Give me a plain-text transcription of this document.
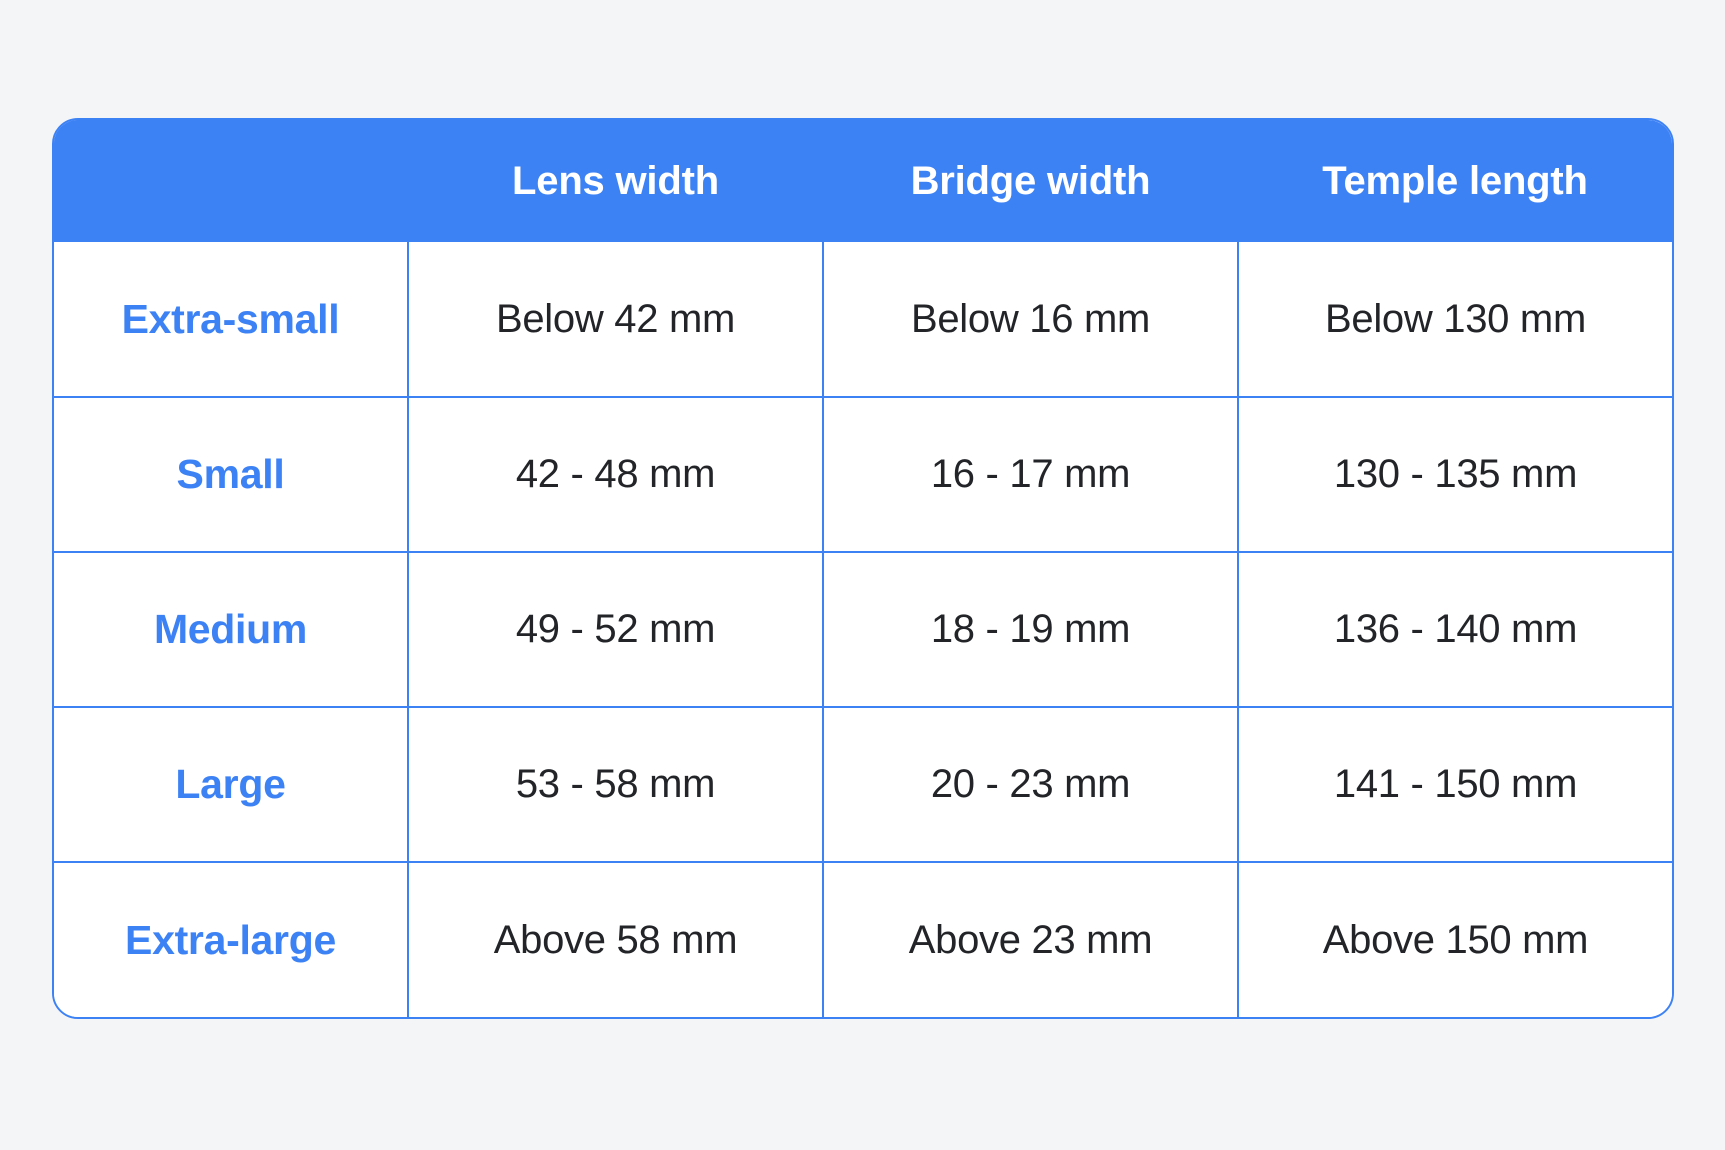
	Lens width	Bridge width	Temple length
Extra-small	Below 42 mm	Below 16 mm	Below 130 mm
Small	42 - 48 mm	16 - 17 mm	130 - 135 mm
Medium	49 - 52 mm	18 - 19 mm	136 - 140 mm
Large	53 - 58 mm	20 - 23 mm	141 - 150 mm
Extra-large	Above 58 mm	Above 23 mm	Above 150 mm
